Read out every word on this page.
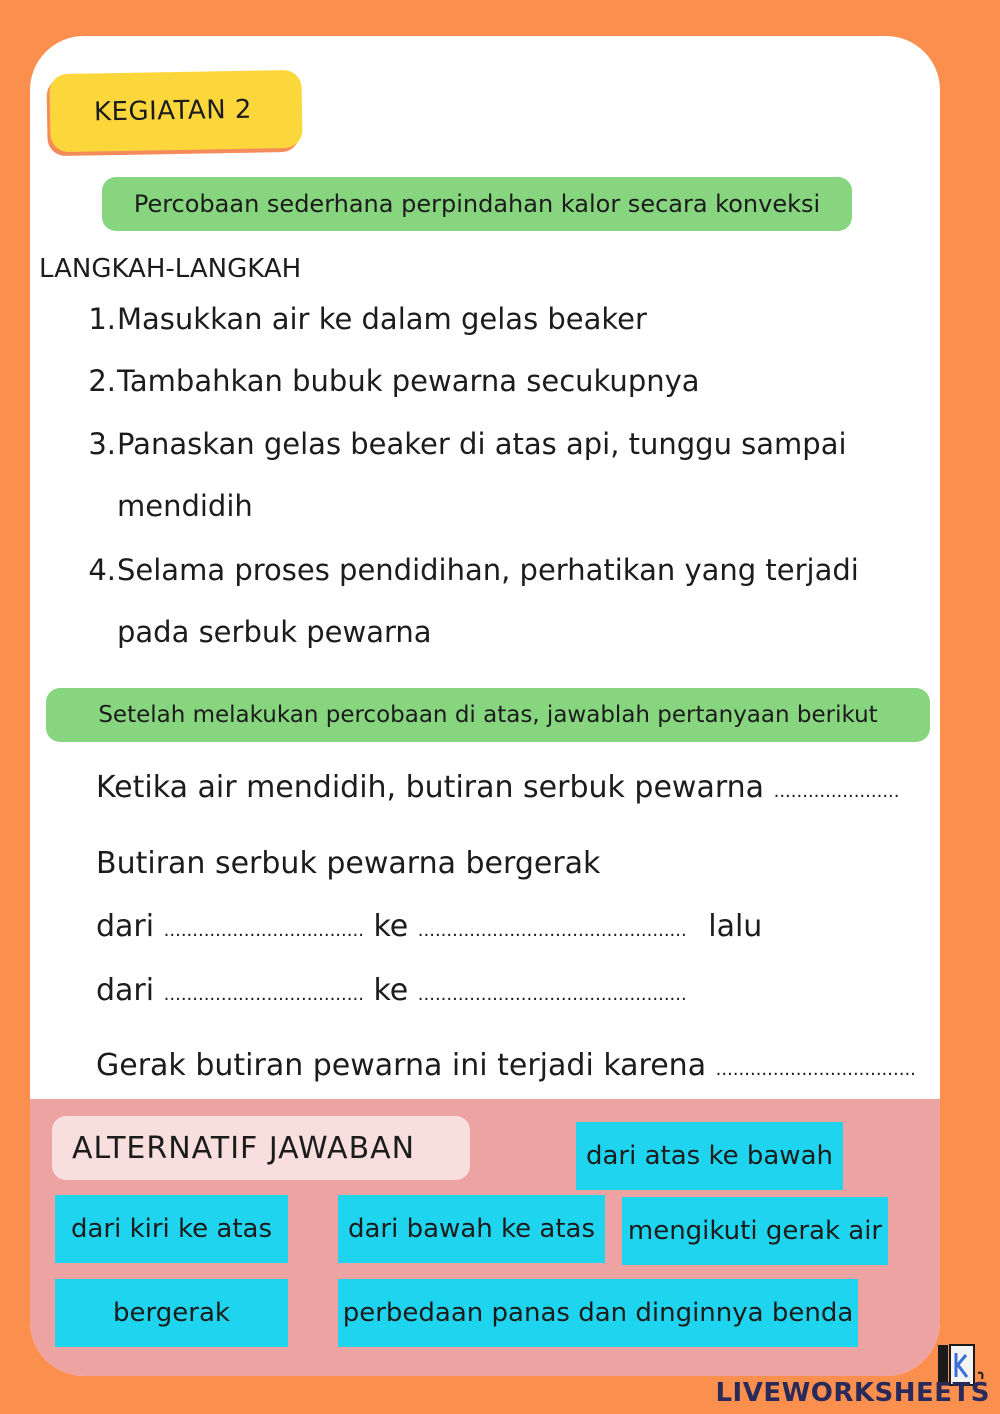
KEGIATAN 2
Percobaan sederhana perpindahan kalor secara konveksi
LANGKAH-LANGKAH
1. Masukkan air ke dalam gelas beaker
2. Tambahkan bubuk pewarna secukupnya
3. Panaskan gelas beaker di atas api, tunggu sampai
mendidih
4. Selama proses pendidihan, perhatikan yang terjadi
pada serbuk pewarna
Setelah melakukan percobaan di atas, jawablah pertanyaan berikut
Ketika air mendidih, butiran serbuk pewarna ......................
Butiran serbuk pewarna bergerak
dari ................................... ke ............................................... lalu
dari ................................... ke ...............................................
Gerak butiran pewarna ini terjadi karena ...................................
ALTERNATIF JAWABAN	dari atas ke bawah
dari kiri ke atas	dari bawah ke atas	mengikuti gerak air
bergerak	perbedaan panas dan dinginnya benda
LIVEWORKSHEETS
